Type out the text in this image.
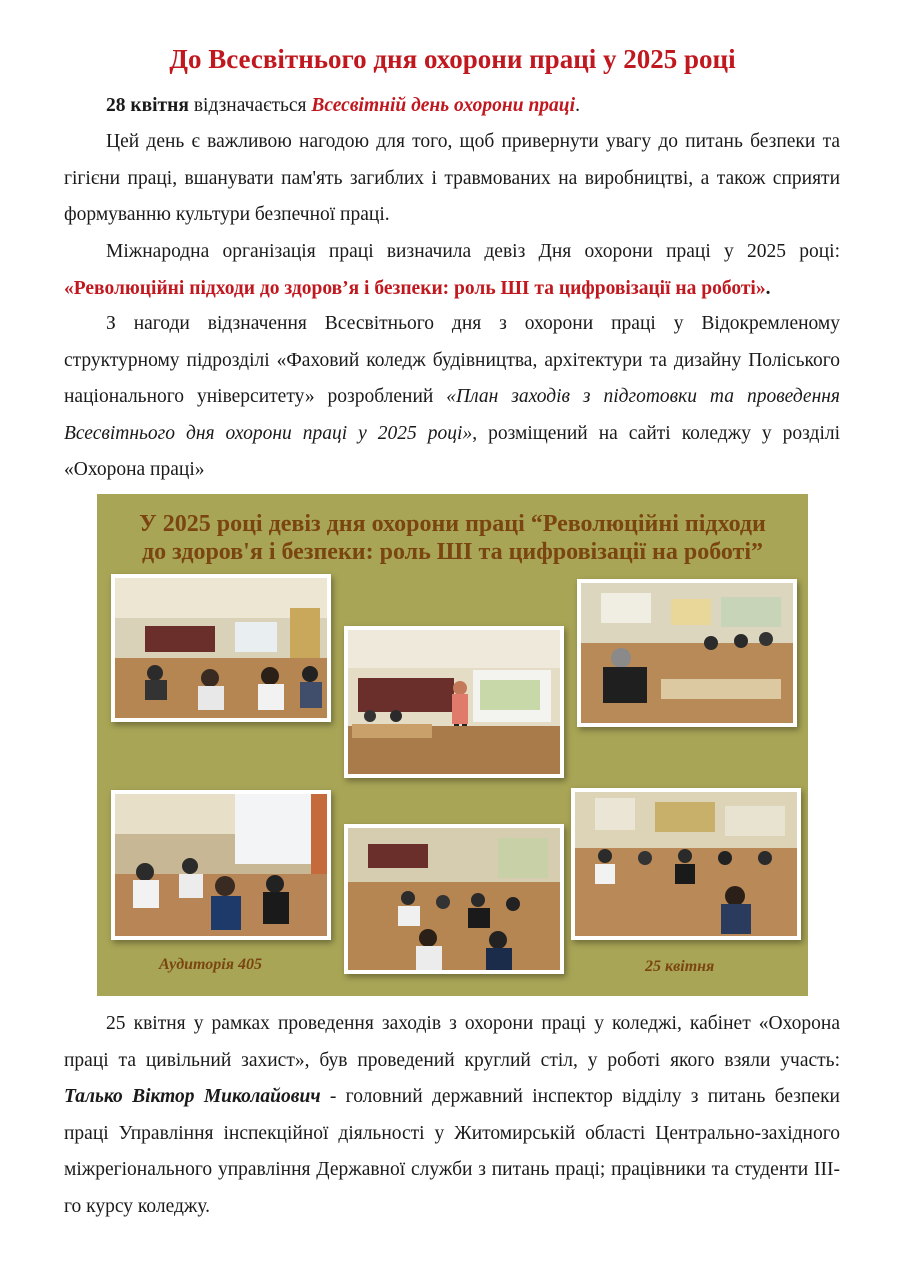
До Всесвітнього дня охорони праці у 2025 році

28 квітня відзначається Всесвітній день охорони праці.

Цей день є важливою нагодою для того, щоб привернути увагу до питань безпеки та гігієни праці, вшанувати пам'ять загиблих і травмованих на виробництві, а також сприяти формуванню культури безпечної праці.

Міжнародна організація праці визначила девіз Дня охорони праці у 2025 році: «Революційні підходи до здоров’я і безпеки: роль ШІ та цифровізації на роботі».

З нагоди відзначення Всесвітнього дня з охорони праці у Відокремленому структурному підрозділі «Фаховий коледж будівництва, архітектури та дизайну Поліського національного університету» розроблений «План заходів з підготовки та проведення Всесвітнього дня охорони праці у 2025 році», розміщений на сайті коледжу у розділі «Охорона праці»

У 2025 році девіз дня охорони праці “Революційні підходи
до здоров'я і безпеки: роль ШІ та цифровізації на роботі”
Аудиторія 405	25 квітня

25 квітня у рамках проведення заходів з охорони праці у коледжі, кабінет «Охорона праці та цивільний захист», був проведений круглий стіл, у роботі якого взяли участь: Талько Віктор Миколайович - головний державний інспектор відділу з питань безпеки праці Управління інспекційної діяльності у Житомирській області Центрально-західного міжрегіонального управління Державної служби з питань праці; працівники та студенти ІІІ-го курсу коледжу.
